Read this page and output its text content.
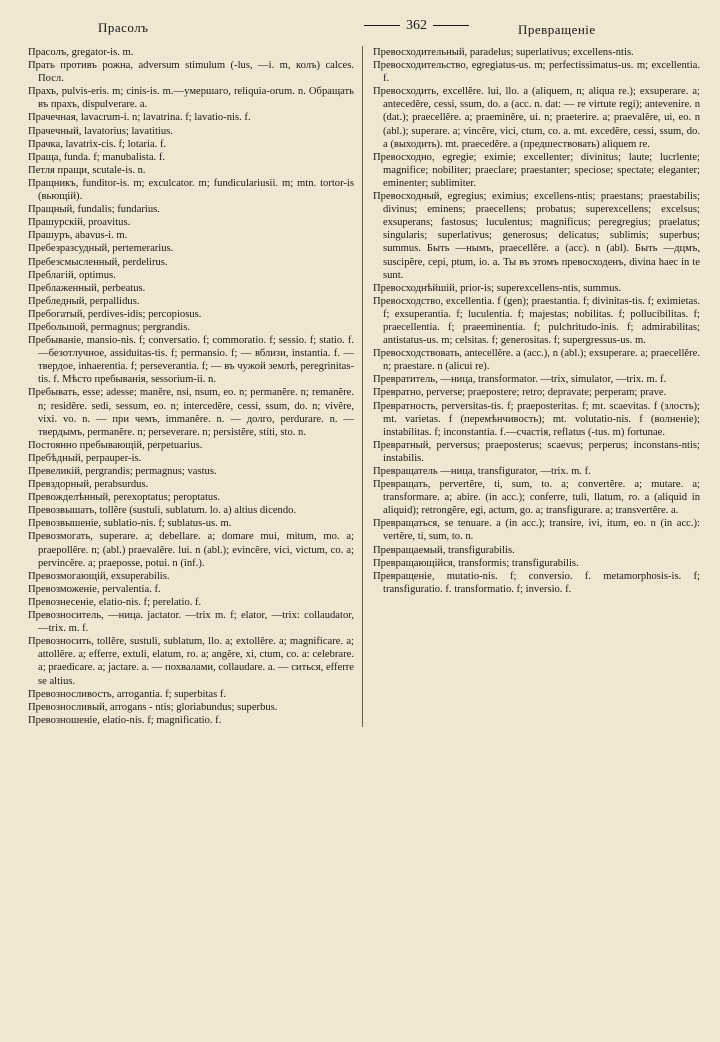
Прасолъ	362	Превращеніе

Прасолъ, gregator-is. m.

Прать противъ рожна, adversum stimulum (-lus, —i. m, колъ) calces. Посл.

Прахъ, pulvis-eris. m; cinis-is. m.—умершаго, reliquia-orum. n. Обращать въ прахъ, dispulverare. a.

Прачечная, lavacrum-i. n; lavatrina. f; lavatio-nis. f.

Прачечный, lavatorius; lavatitius.

Прачка, lavatrix-cis. f; lotaria. f.

Праща, funda. f; manubalista. f.

Петля пращи, scutale-is. n.

Пращникъ, funditor-is. m; exculcator. m; fundiculariusii. m; mtn. tortor-is (вьющій).

Пращный, fundalis; fundarius.

Прашурскій, proavitus.

Прашуръ, abavus-i. m.

Пребезразсудный, pertemerarius.

Пребезсмысленный, perdelirus.

Преблагій, optimus.

Преблаженный, perbeatus.

Пребледный, perpallidus.

Пребогатый, perdives-idis; percopiosus.

Пребольшой, permagnus; pergrandis.

Пребываніе, mansio-nis. f; conversatio. f; commoratio. f; sessio. f; statio. f. —безотлучное, assiduitas-tis. f; permansio. f; — вблизи, instantia. f. — твердое, inhaerentia. f; perseverantia. f; — въ чужой землѣ, peregrinitas-tis. f. Мѣсто пребыванія, sessorium-ii. n.

Пребывать, esse; adesse; manĕre, nsi, nsum, eo. n; permanĕre. n; remanĕre. n; residĕre. sedi, sessum, eo. n; intercedĕre, cessi, ssum, do. n; vivĕre, vixi. vo. n. — при чемъ, immanĕre. n. — долго, perdurare. n. — твердымъ, permanĕre. n; perseverare. n; persistĕre, stiti, sto. n.

Постоянно пребывающій, perpetuarius.

Пребѣдный, perpauper-is.

Превеликій, pergrandis; permagnus; vastus.

Превздорный, perabsurdus.

Превожделѣнный, perexoptatus; peroptatus.

Превозвышать, tollĕre (sustuli, sublatum. lo. a) altius dicendo.

Превозвышеніе, sublatio-nis. f; sublatus-us. m.

Превозмогать, superare. a; debellare. a; domare mui, mitum, mo. a; praepollĕre. n; (abl.) praevalĕre. lui. n (abl.); evincĕre, vici, victum, co. a; pervincĕre. a; praeposse, potui. n (inf.).

Превозмогающій, exsuperabilis.

Превозможеніе, pervalentia. f.

Превознесеніе, elatio-nis. f; perelatio. f.

Превозноситель, —ница. jactator. —trix m. f; elator, —trix: collaudator, —trix. m. f.

Превозносить, tollĕre, sustuli, sublatum, llo. a; extollĕre. a; magnificare. a; attollĕre. a; efferre, extuli, elatum, ro. a; angĕre, xi, ctum, co. a: celebrare. a; praedicare. a; jactare. a. — похвалами, collaudare. a. — ситься, efferre se altius.

Превозносливость, arrogantia. f; superbitas f.

Превозносливый, arrogans - ntis; gloriabundus; superbus.

Превозношеніе, elatio-nis. f; magnificatio. f.

Превосходительный, paradelus; superlativus; excellens-ntis.

Превосходительство, egregiatus-us. m; perfectissimatus-us. m; excellentia. f.

Превосходить, excellĕre. lui, llo. a (aliquem, n; aliqua re.); exsuperare. a; antecedĕre, cessi, ssum, do. a (acc. n. dat: — re virtute regi); antevenire. n (dat.); praecellĕre. a; praeminĕre, ui. n; praeterire. a; praevalĕre, ui, eo. n (abl.); superare. a; vincĕre, vici, ctum, co. a. mt. excedĕre, cessi, ssum, do. a (выходить). mt. praecedĕre. a (предшествовать) aliquem re.

Превосходно, egregie; eximie; excellenter; divinitus; laute; lucrlente; magnifice; nobiliter; praeclare; praestanter; speciose; spectate; eleganter; eminenter; sublimiter.

Превосходный, egregius; eximius; excellens-ntis; praestans; praestabilis; divinus; eminens; praecellens; probatus; superexcellens; excelsus; exsuperans; fastosus; luculentus; magnificus; peregregius; praelatus; singularis; superlativus; generosus; delicatus; sublimis; superbus; summus. Быть —нымъ, praecellĕre. a (acc). n (abl). Быть —дцмъ, suscipĕre, cepi, ptum, io. a. Ты въ этомъ превосходенъ, divina haec in te sunt.

Превосходнѣйшій, prior-is; superexcellens-ntis, summus.

Превосходство, excellentia. f (gen); praestantia. f; divinitas-tis. f; eximietas. f; exsuperantia. f; luculentia. f; majestas; nobilitas. f; pollucibilitas. f; praecellentia. f; praeeminentia. f; pulchritudo-inis. f; admirabilitas; antistatus-us. m; celsitas. f; generositas. f; supergressus-us. m.

Превосходствовать, antecellĕre. a (acc.), n (abl.); exsuperare. a; praecellĕre. n; praestare. n (alicui re).

Превратитель, —ница, transformator. —trix, simulator, —trix. m. f.

Превратно, perverse; praepostere; retro; depravate; perperam; prave.

Превратность, perversitas-tis. f; praeposteritas. f; mt. scaevitas. f (злость); mt. varietas. f (перемѣнчивость); mt. volutatio-nis. f (волненіе); instabilitas. f; inconstantia. f.—счастія, reflatus (-tus. m) fortunae.

Превратный, perversus; praeposterus; scaevus; perperus; inconstans-ntis; instabilis.

Превращатель —ница, transfigurator, —trix. m. f.

Превращать, pervertĕre, ti, sum, to. a; convertĕre. a; mutare. a; transformare. a; abire. (in acc.); conferre, tuli, llatum, ro. a (aliquid in aliquid); retrongĕre, egi, actum, go. a; transfigurare. a; transvertĕre. a.

Превращаться, se tenuare. a (in acc.); transire, ivi, itum, eo. n (in acc.): vertĕre, ti, sum, to. n.

Превращаемый, transfigurabilis.

Превращающійся, transformis; transfigurabilis.

Превращеніе, mutatio-nis. f; conversio. f. metamorphosis-is. f; transfiguratio. f. transformatio. f; inversio. f.
